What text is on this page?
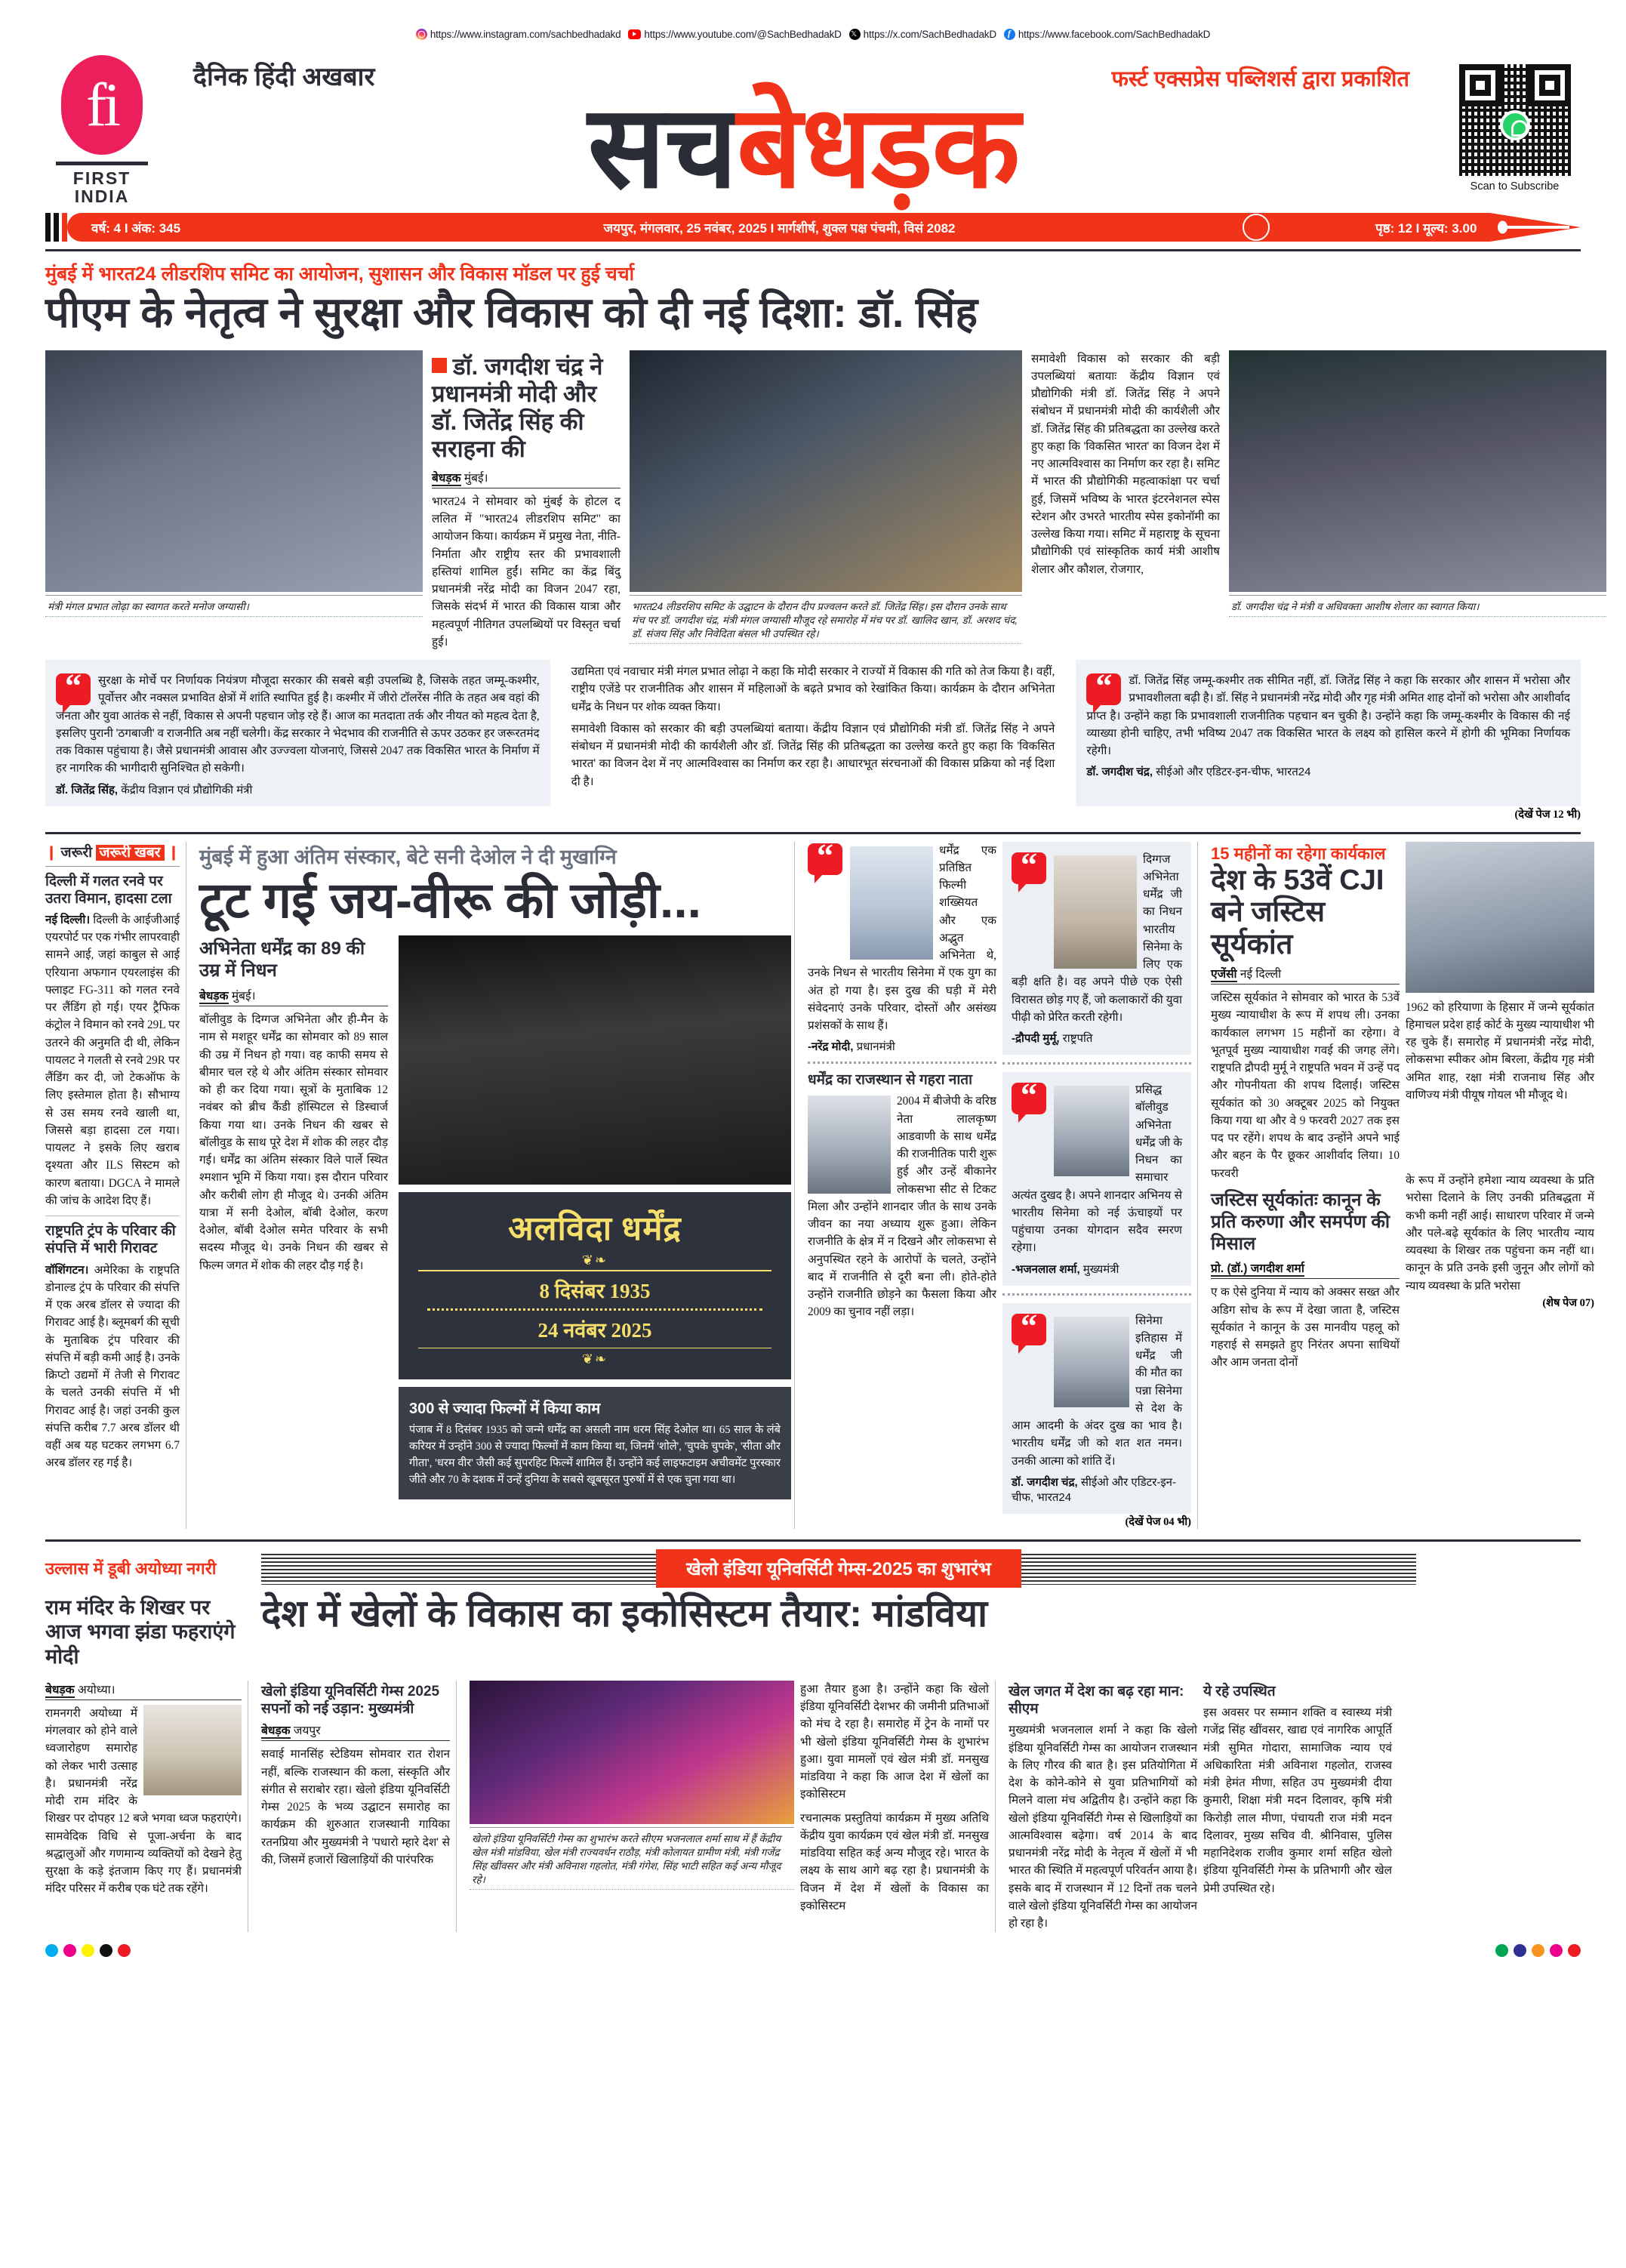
https://www.instagram.com/sachbedhadakd https://www.youtube.com/@SachBedhadakD 𝕏 https://x.com/SachBedhadakD f https://www.facebook.com/SachBedhadakD
fi
FIRST
INDIA
दैनिक हिंदी अखबार	फर्स्ट एक्सप्रेस पब्लिशर्स द्वारा प्रकाशित
सचबेधड़क	Scan to Subscribe
वर्ष: 4 I अंक: 345	जयपुर, मंगलवार, 25 नवंबर, 2025 I मार्गशीर्ष, शुक्ल पक्ष पंचमी, विसं 2082	पृष्ठ: 12 I मूल्य: 3.00
मुंबई में भारत24 लीडरशिप समिट का आयोजन, सुशासन और विकास मॉडल पर हुई चर्चा
पीएम के नेतृत्व ने सुरक्षा और विकास को दी नई दिशा: डॉ. सिंह
मंत्री मंगल प्रभात लोढ़ा का स्वागत करते मनोज जग्यासी।
डॉ. जगदीश चंद्र ने प्रधानमंत्री मोदी और डॉ. जितेंद्र सिंह की सराहना की
बेधड़क मुंबई।
भारत24 ने सोमवार को मुंबई के होटल द ललित में "भारत24 लीडरशिप समिट" का आयोजन किया। कार्यक्रम में प्रमुख नेता, नीति-निर्माता और राष्ट्रीय स्तर की प्रभावशाली हस्तियां शामिल हुईं। समिट का केंद्र बिंदु प्रधानमंत्री नरेंद्र मोदी का विजन 2047 रहा, जिसके संदर्भ में भारत की विकास यात्रा और महत्वपूर्ण नीतिगत उपलब्धियों पर विस्तृत चर्चा हुई।
भारत24 लीडरशिप समिट के उद्घाटन के दौरान दीप प्रज्वलन करते डॉ. जितेंद्र सिंह। इस दौरान उनके साथ मंच पर डॉ. जगदीश चंद्र, मंत्री मंगल जग्यासी मौजूद रहे समारोह में मंच पर डॉ. खालिद खान, डॉ. अरशद चंद, डॉ. संजय सिंह और निवेदिता बंसल भी उपस्थित रहे।
समावेशी विकास को सरकार की बड़ी उपलब्धियां बतायाः केंद्रीय विज्ञान एवं प्रौद्योगिकी मंत्री डॉ. जितेंद्र सिंह ने अपने संबोधन में प्रधानमंत्री मोदी की कार्यशैली और डॉ. जितेंद्र सिंह की प्रतिबद्धता का उल्लेख करते हुए कहा कि 'विकसित भारत' का विजन देश में नए आत्मविश्वास का निर्माण कर रहा है। समिट में भारत की प्रौद्योगिकी महत्वाकांक्षा पर चर्चा हुई, जिसमें भविष्य के भारत इंटरनेशनल स्पेस स्टेशन और उभरते भारतीय स्पेस इकोनॉमी का उल्लेख किया गया। समिट में महाराष्ट्र के सूचना प्रौद्योगिकी एवं सांस्कृतिक कार्य मंत्री आशीष शेलार और कौशल, रोजगार,
डॉ. जगदीश चंद्र ने मंत्री व अधिवक्ता आशीष शेलार का स्वागत किया।
“	सुरक्षा के मोर्चे पर निर्णायक नियंत्रण मौजूदा सरकार की सबसे बड़ी उपलब्धि है, जिसके तहत जम्मू-कश्मीर, पूर्वोत्तर और नक्सल प्रभावित क्षेत्रों में शांति स्थापित हुई है। कश्मीर में जीरो टॉलरेंस नीति के तहत अब वहां की जनता और युवा आतंक से नहीं, विकास से अपनी पहचान जोड़ रहे हैं। आज का मतदाता तर्क और नीयत को महत्व देता है, इसलिए पुरानी 'ठगबाजी' व राजनीति अब नहीं चलेगी। केंद्र सरकार ने भेदभाव की राजनीति से ऊपर उठकर हर जरूरतमंद तक विकास पहुंचाया है। जैसे प्रधानमंत्री आवास और उज्ज्वला योजनाएं, जिससे 2047 तक विकसित भारत के निर्माण में हर नागरिक की भागीदारी सुनिश्चित हो सकेगी।
डॉ. जितेंद्र सिंह, केंद्रीय विज्ञान एवं प्रौद्योगिकी मंत्री
उद्यमिता एवं नवाचार मंत्री मंगल प्रभात लोढ़ा ने कहा कि मोदी सरकार ने राज्यों में विकास की गति को तेज किया है। वहीं, राष्ट्रीय एजेंडे पर राजनीतिक और शासन में महिलाओं के बढ़ते प्रभाव को रेखांकित किया। कार्यक्रम के दौरान अभिनेता धर्मेंद्र के निधन पर शोक व्यक्त किया।
समावेशी विकास को सरकार की बड़ी उपलब्धियां बताया। केंद्रीय विज्ञान एवं प्रौद्योगिकी मंत्री डॉ. जितेंद्र सिंह ने अपने संबोधन में प्रधानमंत्री मोदी की कार्यशैली और डॉ. जितेंद्र सिंह की प्रतिबद्धता का उल्लेख करते हुए कहा कि 'विकसित भारत' का विजन देश में नए आत्मविश्वास का निर्माण कर रहा है। आधारभूत संरचनाओं की विकास प्रक्रिया को नई दिशा दी है।
“	डॉ. जितेंद्र सिंह जम्मू-कश्मीर तक सीमित नहीं, डॉ. जितेंद्र सिंह ने कहा कि सरकार और शासन में भरोसा और प्रभावशीलता बढ़ी है। डॉ. सिंह ने प्रधानमंत्री नरेंद्र मोदी और गृह मंत्री अमित शाह दोनों को भरोसा और आशीर्वाद प्राप्त है। उन्होंने कहा कि प्रभावशाली राजनीतिक पहचान बन चुकी है। उन्होंने कहा कि जम्मू-कश्मीर के विकास की नई व्याख्या होनी चाहिए, तभी भविष्य 2047 तक विकसित भारत के लक्ष्य को हासिल करने में होगी की भूमिका निर्णायक रहेगी।
डॉ. जगदीश चंद्र, सीईओ और एडिटर-इन-चीफ, भारत24
(देखें पेज 12 भी)
❙ जरूरी जरूरी खबर ❙
दिल्ली में गलत रनवे पर उतरा विमान, हादसा टला
नई दिल्ली। दिल्ली के आईजीआई एयरपोर्ट पर एक गंभीर लापरवाही सामने आई, जहां काबुल से आई एरियाना अफगान एयरलाइंस की फ्लाइट FG-311 को गलत रनवे पर लैंडिंग हो गई। एयर ट्रैफिक कंट्रोल ने विमान को रनवे 29L पर उतरने की अनुमति दी थी, लेकिन पायलट ने गलती से रनवे 29R पर लैंडिंग कर दी, जो टेकऑफ के लिए इस्तेमाल होता है। सौभाग्य से उस समय रनवे खाली था, जिससे बड़ा हादसा टल गया। पायलट ने इसके लिए खराब दृश्यता और ILS सिस्टम को कारण बताया। DGCA ने मामले की जांच के आदेश दिए हैं।
राष्ट्रपति ट्रंप के परिवार की संपत्ति में भारी गिरावट
वॉशिंगटन। अमेरिका के राष्ट्रपति डोनाल्ड ट्रंप के परिवार की संपत्ति में एक अरब डॉलर से ज्यादा की गिरावट आई है। ब्लूमबर्ग की सूची के मुताबिक ट्रंप परिवार की संपत्ति में बड़ी कमी आई है। उनके क्रिप्टो उद्यमों में तेजी से गिरावट के चलते उनकी संपत्ति में भी गिरावट आई है। जहां उनकी कुल संपत्ति करीब 7.7 अरब डॉलर थी वहीं अब यह घटकर लगभग 6.7 अरब डॉलर रह गई है।
मुंबई में हुआ अंतिम संस्कार, बेटे सनी देओल ने दी मुखाग्नि
टूट गई जय-वीरू की जोड़ी...
अभिनेता धर्मेंद्र का 89 की उम्र में निधन
बेधड़क मुंबई।
बॉलीवुड के दिग्गज अभिनेता और ही-मैन के नाम से मशहूर धर्मेंद्र का सोमवार को 89 साल की उम्र में निधन हो गया। वह काफी समय से बीमार चल रहे थे और अंतिम संस्कार सोमवार को ही कर दिया गया। सूत्रों के मुताबिक 12 नवंबर को ब्रीच कैंडी हॉस्पिटल से डिस्चार्ज किया गया था। उनके निधन की खबर से बॉलीवुड के साथ पूरे देश में शोक की लहर दौड़ गई। धर्मेंद्र का अंतिम संस्कार विले पार्ले स्थित श्मशान भूमि में किया गया। इस दौरान परिवार और करीबी लोग ही मौजूद थे। उनकी अंतिम यात्रा में सनी देओल, बॉबी देओल, करण देओल, बॉबी देओल समेत परिवार के सभी सदस्य मौजूद थे। उनके निधन की खबर से फिल्म जगत में शोक की लहर दौड़ गई है।
अलविदा धर्मेंद्र
❦❧
8 दिसंबर 1935
24 नवंबर 2025
❦❧
300 से ज्यादा फिल्मों में किया काम
पंजाब में 8 दिसंबर 1935 को जन्मे धर्मेंद्र का असली नाम धरम सिंह देओल था। 65 साल के लंबे करियर में उन्होंने 300 से ज्यादा फिल्मों में काम किया था, जिनमें 'शोले', 'चुपके चुपके', 'सीता और गीता', 'धरम वीर' जैसी कई सुपरहिट फिल्में शामिल हैं। उन्होंने कई लाइफटाइम अचीवमेंट पुरस्कार जीते और 70 के दशक में उन्हें दुनिया के सबसे खूबसूरत पुरुषों में से एक चुना गया था।
“	धर्मेंद्र एक प्रतिष्ठित फिल्मी शख्सियत और एक अद्भुत अभिनेता थे, उनके निधन से भारतीय सिनेमा में एक युग का अंत हो गया है। इस दुख की घड़ी में मेरी संवेदनाएं उनके परिवार, दोस्तों और असंख्य प्रशंसकों के साथ हैं।
-नरेंद्र मोदी, प्रधानमंत्री
धर्मेंद्र का राजस्थान से गहरा नाता
2004 में बीजेपी के वरिष्ठ नेता लालकृष्ण आडवाणी के साथ धर्मेंद्र की राजनीतिक पारी शुरू हुई और उन्हें बीकानेर लोकसभा सीट से टिकट मिला और उन्होंने शानदार जीत के साथ उनके जीवन का नया अध्याय शुरू हुआ। लेकिन राजनीति के क्षेत्र में न दिखने और लोकसभा से अनुपस्थित रहने के आरोपों के चलते, उन्होंने बाद में राजनीति से दूरी बना ली। होते-होते उन्होंने राजनीति छोड़ने का फैसला किया और 2009 का चुनाव नहीं लड़ा।
“	दिग्गज अभिनेता धर्मेंद्र जी का निधन भारतीय सिनेमा के लिए एक बड़ी क्षति है। वह अपने पीछे एक ऐसी विरासत छोड़ गए हैं, जो कलाकारों की युवा पीढ़ी को प्रेरित करती रहेगी।
-द्रौपदी मुर्मू, राष्ट्रपति
“	प्रसिद्ध बॉलीवुड अभिनेता धर्मेंद्र जी के निधन का समाचार अत्यंत दुखद है। अपने शानदार अभिनय से भारतीय सिनेमा को नई ऊंचाइयों पर पहुंचाया उनका योगदान सदैव स्मरण रहेगा।
-भजनलाल शर्मा, मुख्यमंत्री
“	सिनेमा इतिहास में धर्मेंद्र जी की मौत का पन्ना सिनेमा से देश के आम आदमी के अंदर दुख का भाव है। भारतीय धर्मेंद्र जी को शत शत नमन। उनकी आत्मा को शांति दें।
डॉ. जगदीश चंद्र, सीईओ और एडिटर-इन-चीफ, भारत24
(देखें पेज 04 भी)
15 महीनों का रहेगा कार्यकाल
देश के 53वें CJI बने जस्टिस सूर्यकांत
एजेंसी नई दिल्ली
जस्टिस सूर्यकांत ने सोमवार को भारत के 53वें मुख्य न्यायाधीश के रूप में शपथ ली। उनका कार्यकाल लगभग 15 महीनों का रहेगा। वे भूतपूर्व मुख्य न्यायाधीश गवई की जगह लेंगे। राष्ट्रपति द्रौपदी मुर्मू ने राष्ट्रपति भवन में उन्हें पद और गोपनीयता की शपथ दिलाई। जस्टिस सूर्यकांत को 30 अक्टूबर 2025 को नियुक्त किया गया था और वे 9 फरवरी 2027 तक इस पद पर रहेंगे। शपथ के बाद उन्होंने अपने भाई और बहन के पैर छूकर आशीर्वाद लिया। 10 फरवरी
जस्टिस सूर्यकांतः कानून के प्रति करुणा और समर्पण की मिसाल
प्रो. (डॉ.) जगदीश शर्मा
ए क ऐसे दुनिया में न्याय को अक्सर सख्त और अडिग सोच के रूप में देखा जाता है, जस्टिस सूर्यकांत ने कानून के उस मानवीय पहलू को गहराई से समझते हुए निरंतर अपना साथियों और आम जनता दोनों
1962 को हरियाणा के हिसार में जन्मे सूर्यकांत हिमाचल प्रदेश हाई कोर्ट के मुख्य न्यायाधीश भी रह चुके हैं। समारोह में प्रधानमंत्री नरेंद्र मोदी, लोकसभा स्पीकर ओम बिरला, केंद्रीय गृह मंत्री अमित शाह, रक्षा मंत्री राजनाथ सिंह और वाणिज्य मंत्री पीयूष गोयल भी मौजूद थे।
के रूप में उन्होंने हमेशा न्याय व्यवस्था के प्रति भरोसा दिलाने के लिए उनकी प्रतिबद्धता में कभी कमी नहीं आई। साधारण परिवार में जन्मे और पले-बढ़े सूर्यकांत के लिए भारतीय न्याय व्यवस्था के शिखर तक पहुंचना कम नहीं था। कानून के प्रति उनके इसी जुनून और लोगों को न्याय व्यवस्था के प्रति भरोसा
(शेष पेज 07)
उल्लास में डूबी अयोध्या नगरी	खेलो इंडिया यूनिवर्सिटी गेम्स-2025 का शुभारंभ
राम मंदिर के शिखर पर आज भगवा झंडा फहराएंगे मोदी
देश में खेलों के विकास का इकोसिस्टम तैयार: मांडविया
बेधड़क अयोध्या।
रामनगरी अयोध्या में मंगलवार को होने वाले ध्वजारोहण समारोह को लेकर भारी उत्साह है। प्रधानमंत्री नरेंद्र मोदी राम मंदिर के शिखर पर दोपहर 12 बजे भगवा ध्वज फहराएंगे। सामवेदिक विधि से पूजा-अर्चना के बाद श्रद्धालुओं और गणमान्य व्यक्तियों को देखने हेतु सुरक्षा के कड़े इंतजाम किए गए हैं। प्रधानमंत्री मंदिर परिसर में करीब एक घंटे तक रहेंगे।
खेलो इंडिया यूनिवर्सिटी गेम्स 2025 सपनों को नई उड़ान: मुख्यमंत्री
बेधड़क जयपुर
सवाई मानसिंह स्टेडियम सोमवार रात रोशन नहीं, बल्कि राजस्थान की कला, संस्कृति और संगीत से सराबोर रहा। खेलो इंडिया यूनिवर्सिटी गेम्स 2025 के भव्य उद्घाटन समारोह का कार्यक्रम की शुरुआत राजस्थानी गायिका रतनप्रिया और मुख्यमंत्री ने 'पधारो म्हारे देश' से की, जिसमें हजारों खिलाड़ियों की पारंपरिक
खेलो इंडिया यूनिवर्सिटी गेम्स का शुभारंभ करते सीएम भजनलाल शर्मा साथ में हैं केंद्रीय खेल मंत्री मांडविया, खेल मंत्री राज्यवर्धन राठौड़, मंत्री कोलायत ग्रामीण मंत्री, मंत्री गजेंद्र सिंह खींवसर और मंत्री अविनाश गहलोत, मंत्री गंगेश, सिंह भाटी सहित कई अन्य मौजूद रहे।
हुआ तैयार हुआ है। उन्होंने कहा कि खेलो इंडिया यूनिवर्सिटी देशभर की जमीनी प्रतिभाओं को मंच दे रहा है। समारोह में ट्रेन के नामों पर भी खेलो इंडिया यूनिवर्सिटी गेम्स के शुभारंभ हुआ। युवा मामलों एवं खेल मंत्री डॉ. मनसुख मांडविया ने कहा कि आज देश में खेलों का इकोसिस्टम
रचनात्मक प्रस्तुतियां कार्यक्रम में मुख्य अतिथि केंद्रीय युवा कार्यक्रम एवं खेल मंत्री डॉ. मनसुख मांडविया सहित कई अन्य मौजूद रहे। भारत के लक्ष्य के साथ आगे बढ़ रहा है। प्रधानमंत्री के विजन में देश में खेलों के विकास का इकोसिस्टम
खेल जगत में देश का बढ़ रहा मान: सीएम
मुख्यमंत्री भजनलाल शर्मा ने कहा कि खेलो इंडिया यूनिवर्सिटी गेम्स का आयोजन राजस्थान के लिए गौरव की बात है। इस प्रतियोगिता में देश के कोने-कोने से युवा प्रतिभागियों को मिलने वाला मंच अद्वितीय है। उन्होंने कहा कि खेलो इंडिया यूनिवर्सिटी गेम्स से खिलाड़ियों का आत्मविश्वास बढ़ेगा। वर्ष 2014 के बाद प्रधानमंत्री नरेंद्र मोदी के नेतृत्व में खेलों में भी भारत की स्थिति में महत्वपूर्ण परिवर्तन आया है। इसके बाद में राजस्थान में 12 दिनों तक चलने वाले खेलो इंडिया यूनिवर्सिटी गेम्स का आयोजन हो रहा है।
ये रहे उपस्थित
इस अवसर पर सम्मान शक्ति व स्वास्थ्य मंत्री गजेंद्र सिंह खींवसर, खाद्य एवं नागरिक आपूर्ति मंत्री सुमित गोदारा, सामाजिक न्याय एवं अधिकारिता मंत्री अविनाश गहलोत, राजस्व मंत्री हेमंत मीणा, सहित उप मुख्यमंत्री दीया कुमारी, शिक्षा मंत्री मदन दिलावर, कृषि मंत्री किरोड़ी लाल मीणा, पंचायती राज मंत्री मदन दिलावर, मुख्य सचिव वी. श्रीनिवास, पुलिस महानिदेशक राजीव कुमार शर्मा सहित खेलो इंडिया यूनिवर्सिटी गेम्स के प्रतिभागी और खेल प्रेमी उपस्थित रहे।
